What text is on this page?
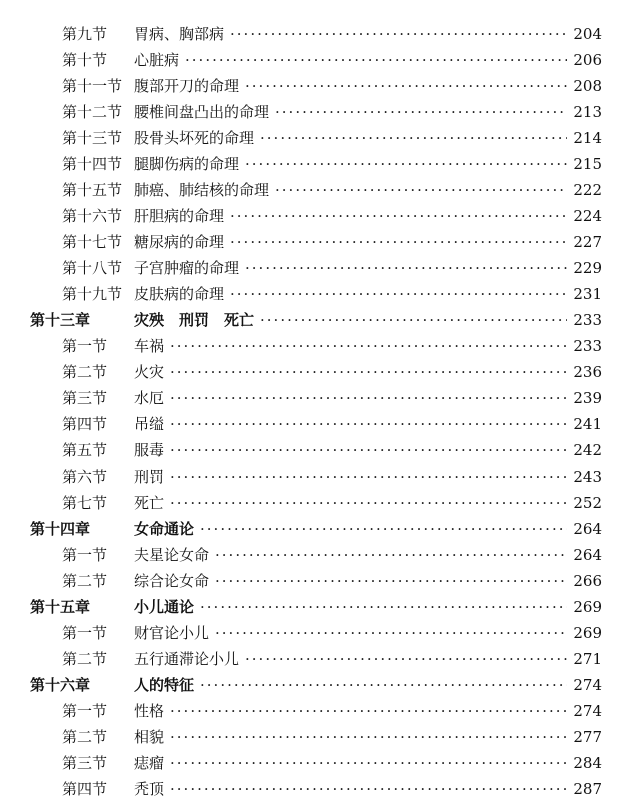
第九节	胃病、胸部病 ·····	204
第十节	心脏病 ·····	206
第十一节 腹部开刀的命理 ·····	208
第十二节 腰椎间盘凸出的命理 ·····	213
第十三节 股骨头坏死的命理 ·····	214
第十四节 腿脚伤病的命理 ·····	215
第十五节 肺癌、肺结核的命理 ·····	222
第十六节 肝胆病的命理 ·····	224
第十七节 糖尿病的命理 ·····	227
第十八节 子宫肿瘤的命理 ·····	229
第十九节 皮肤病的命理 ·····	231
第十三章	灾殃　刑罚　死亡 ·····	233
第一节	车祸 ·····	233
第二节	火灾 ·····	236
第三节	水厄 ·····	239
第四节	吊缢 ·····	241
第五节	服毒 ·····	242
第六节	刑罚 ·····	243
第七节	死亡 ·····	252
第十四章	女命通论 ·····	264
第一节	夫星论女命 ·····	264
第二节	综合论女命 ·····	266
第十五章	小儿通论 ·····	269
第一节	财官论小儿 ·····	269
第二节	五行通滞论小儿 ·····	271
第十六章	人的特征 ·····	274
第一节	性格 ·····	274
第二节	相貌 ·····	277
第三节	痣瘤 ·····	284
第四节	秃顶 ·····	287
